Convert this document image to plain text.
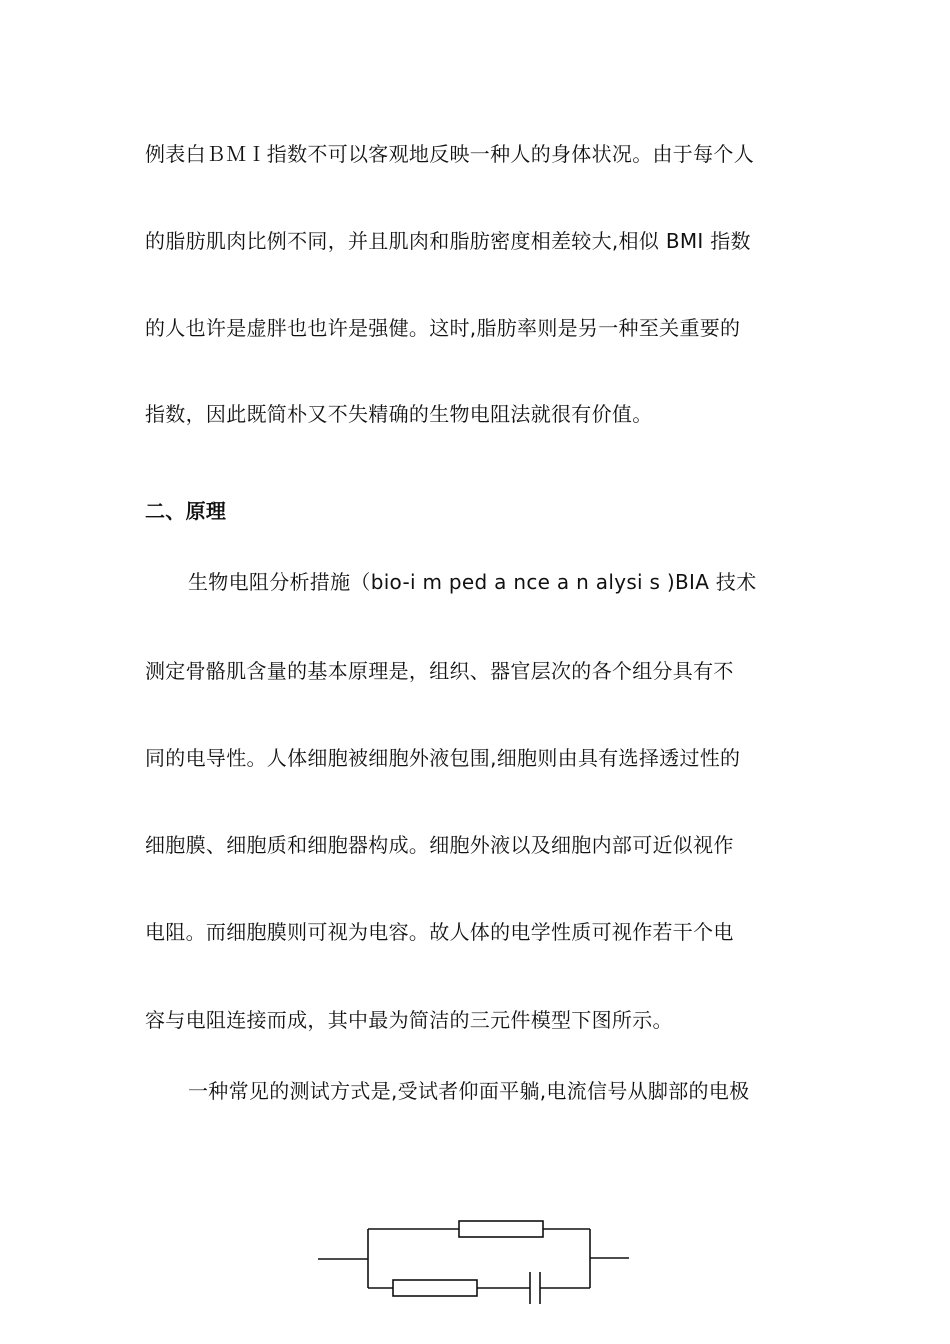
例表白ＢＭＩ指数不可以客观地反映一种人的身体状况。由于每个人
的脂肪肌肉比例不同，并且肌肉和脂肪密度相差较大,相似 BMI 指数
的人也许是虚胖也也许是强健。这时,脂肪率则是另一种至关重要的
指数，因此既简朴又不失精确的生物电阻法就很有价值。
二、原理
生物电阻分析措施（bio-i m ped a nce a n alysi s )BIA 技术
测定骨骼肌含量的基本原理是，组织、器官层次的各个组分具有不
同的电导性。人体细胞被细胞外液包围,细胞则由具有选择透过性的
细胞膜、细胞质和细胞器构成。细胞外液以及细胞内部可近似视作
电阻。而细胞膜则可视为电容。故人体的电学性质可视作若干个电
容与电阻连接而成，其中最为简洁的三元件模型下图所示。
一种常见的测试方式是,受试者仰面平躺,电流信号从脚部的电极
